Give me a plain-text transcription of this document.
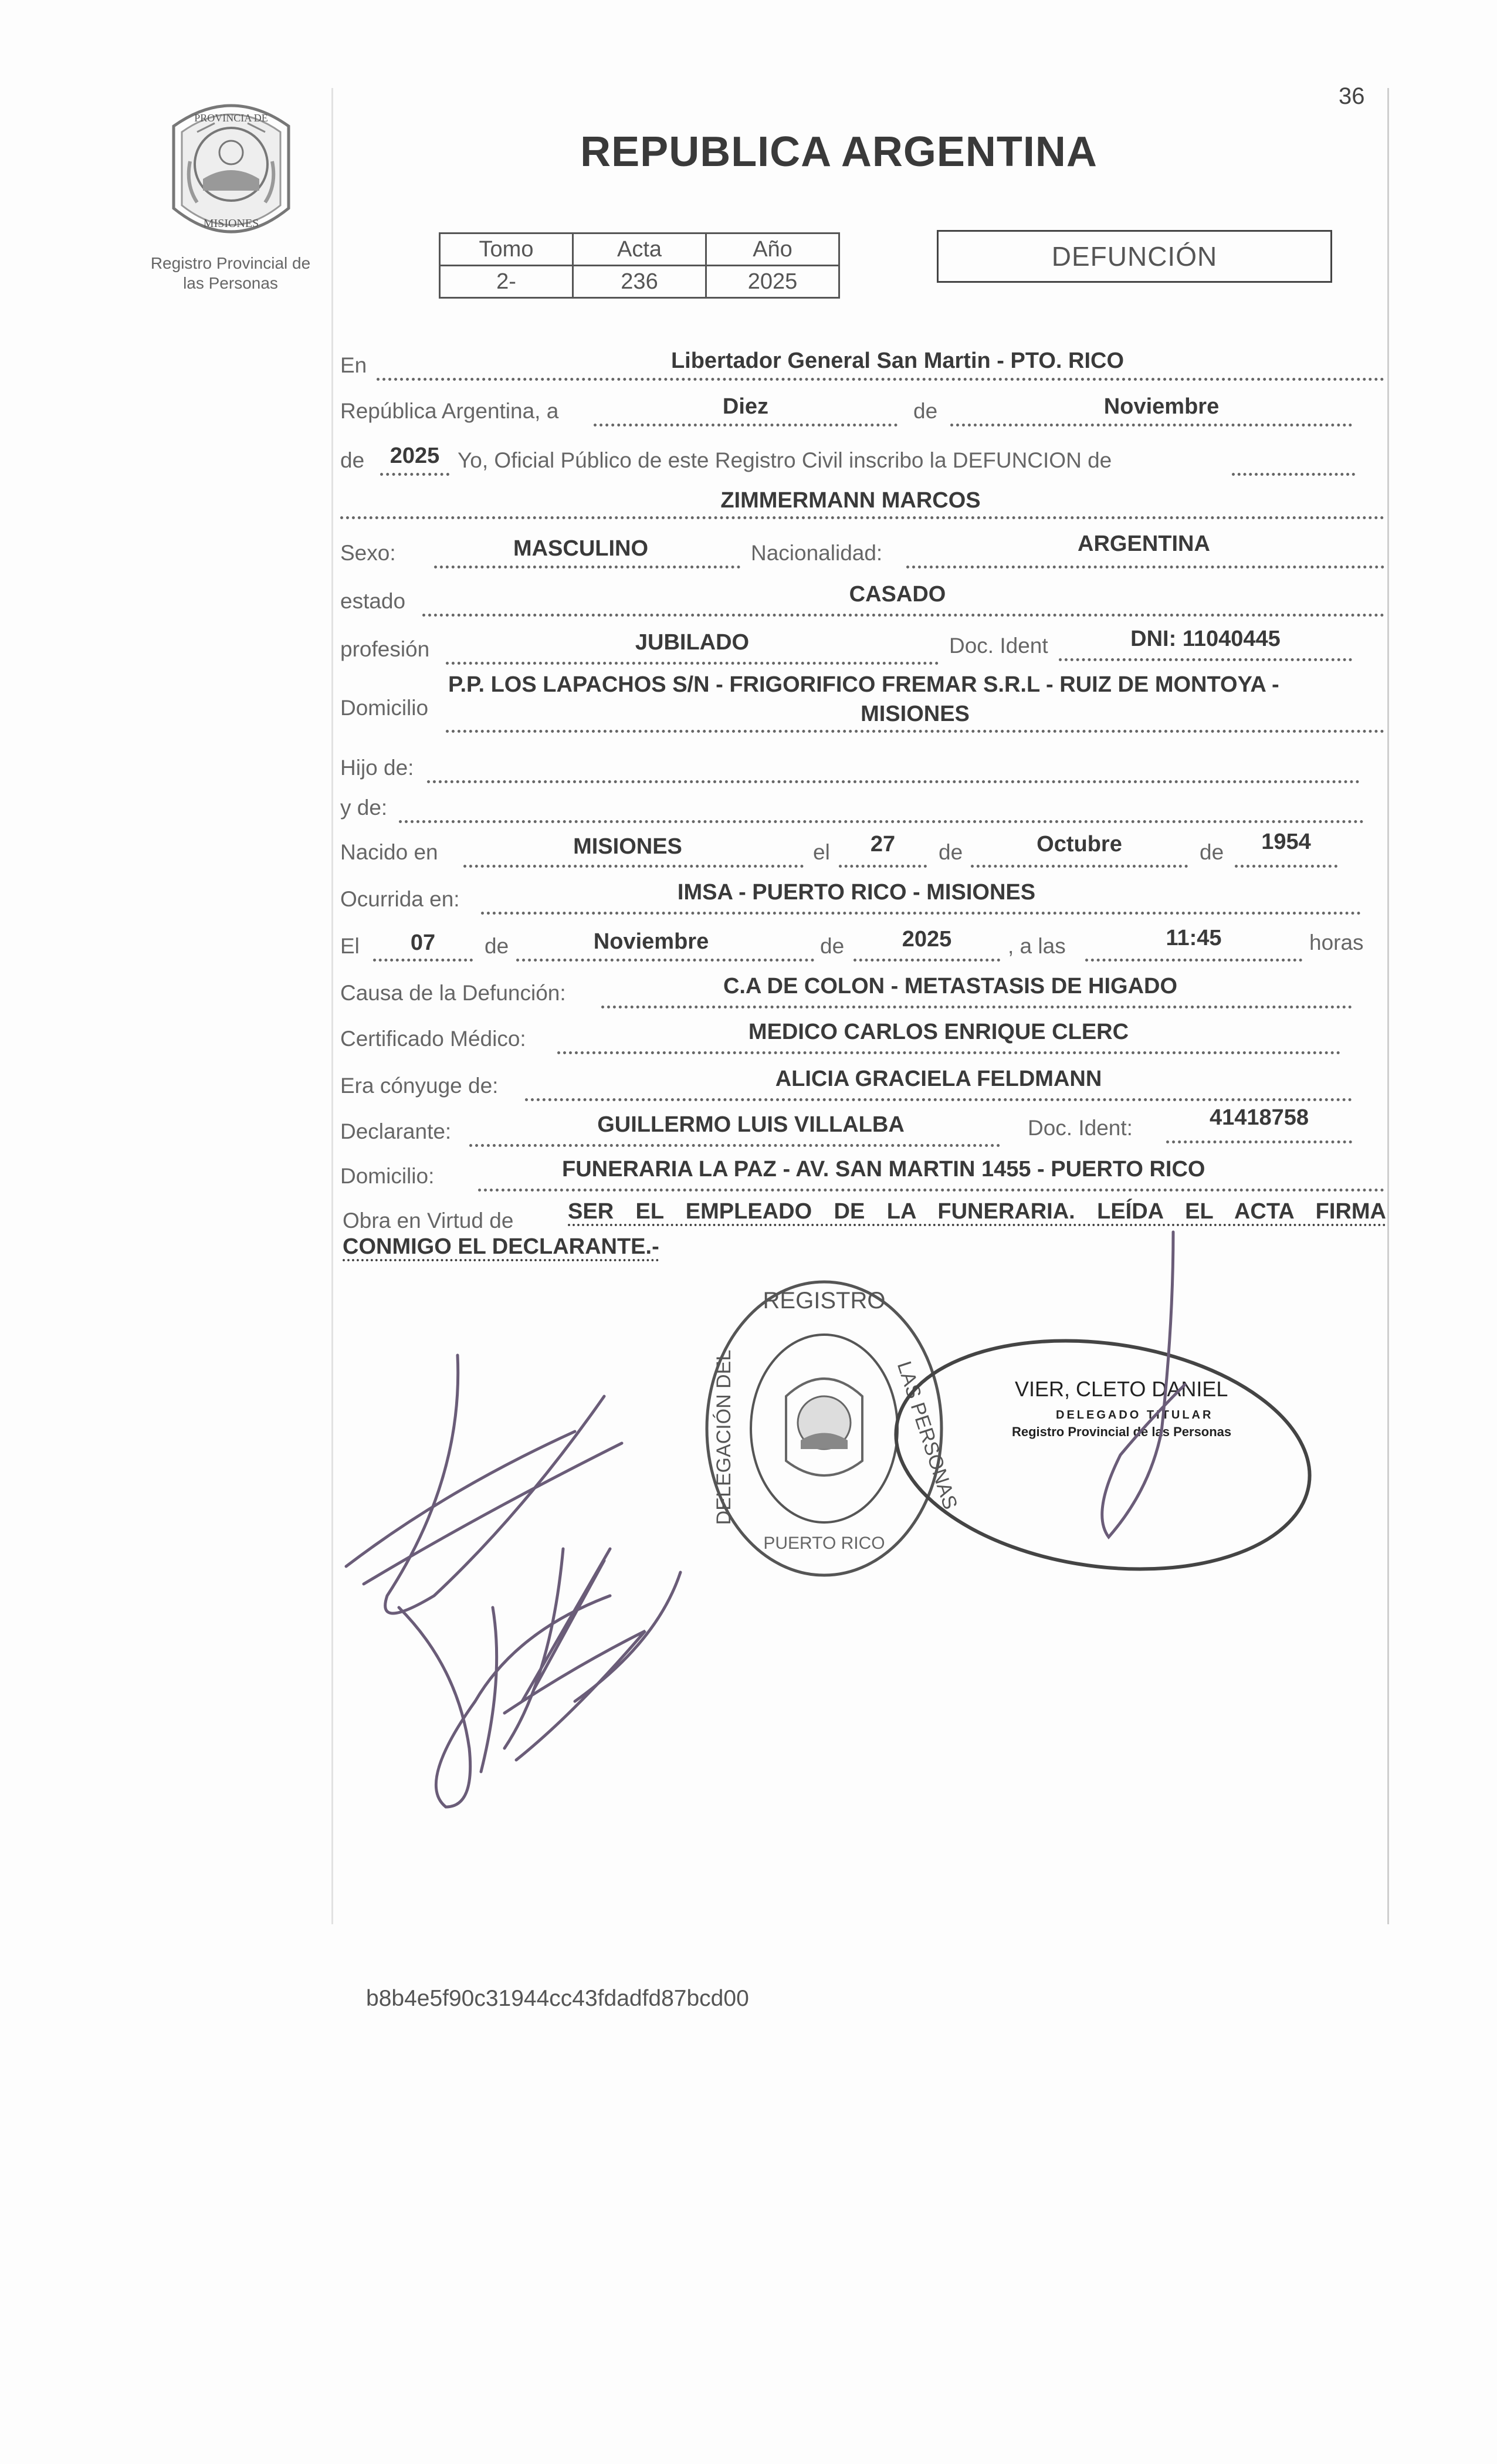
36
PROVINCIA DE
MISIONES
Registro Provincial de las Personas
REPUBLICA ARGENTINA
Tomo	Acta	Año
2-	236	2025
DEFUNCIÓN
En	Libertador General San Martin - PTO. RICO
República Argentina, a	Diez	de	Noviembre
de	2025 Yo, Oficial Público de este Registro Civil inscribo la DEFUNCION de
ZIMMERMANN MARCOS
Sexo:	MASCULINO	Nacionalidad:	ARGENTINA
estado	CASADO
profesión	JUBILADO	Doc. Ident	DNI: 11040445
Domicilio
P.P. LOS LAPACHOS S/N - FRIGORIFICO FREMAR S.R.L - RUIZ DE MONTOYA -
MISIONES
Hijo de:
y de:
Nacido en	MISIONES	el	27	de	Octubre	de	1954
Ocurrida en:	IMSA - PUERTO RICO - MISIONES
El	07	de	Noviembre	de	2025	, a las	11:45	horas
Causa de la Defunción:	C.A DE COLON - METASTASIS DE HIGADO
Certificado Médico:	MEDICO CARLOS ENRIQUE CLERC
Era cónyuge de:	ALICIA GRACIELA FELDMANN
Declarante:	GUILLERMO LUIS VILLALBA	Doc. Ident:	41418758
Domicilio:	FUNERARIA LA PAZ - AV. SAN MARTIN 1455 - PUERTO RICO
Obra en Virtud de SER EL EMPLEADO DE LA FUNERARIA. LEÍDA EL ACTA FIRMA
CONMIGO EL DECLARANTE.-
REGISTRO
DELEGACIÓN DEL	LAS PERSONAS
PUERTO RICO
VIER, CLETO DANIEL
DELEGADO TITULAR
Registro Provincial de las Personas
b8b4e5f90c31944cc43fdadfd87bcd00
